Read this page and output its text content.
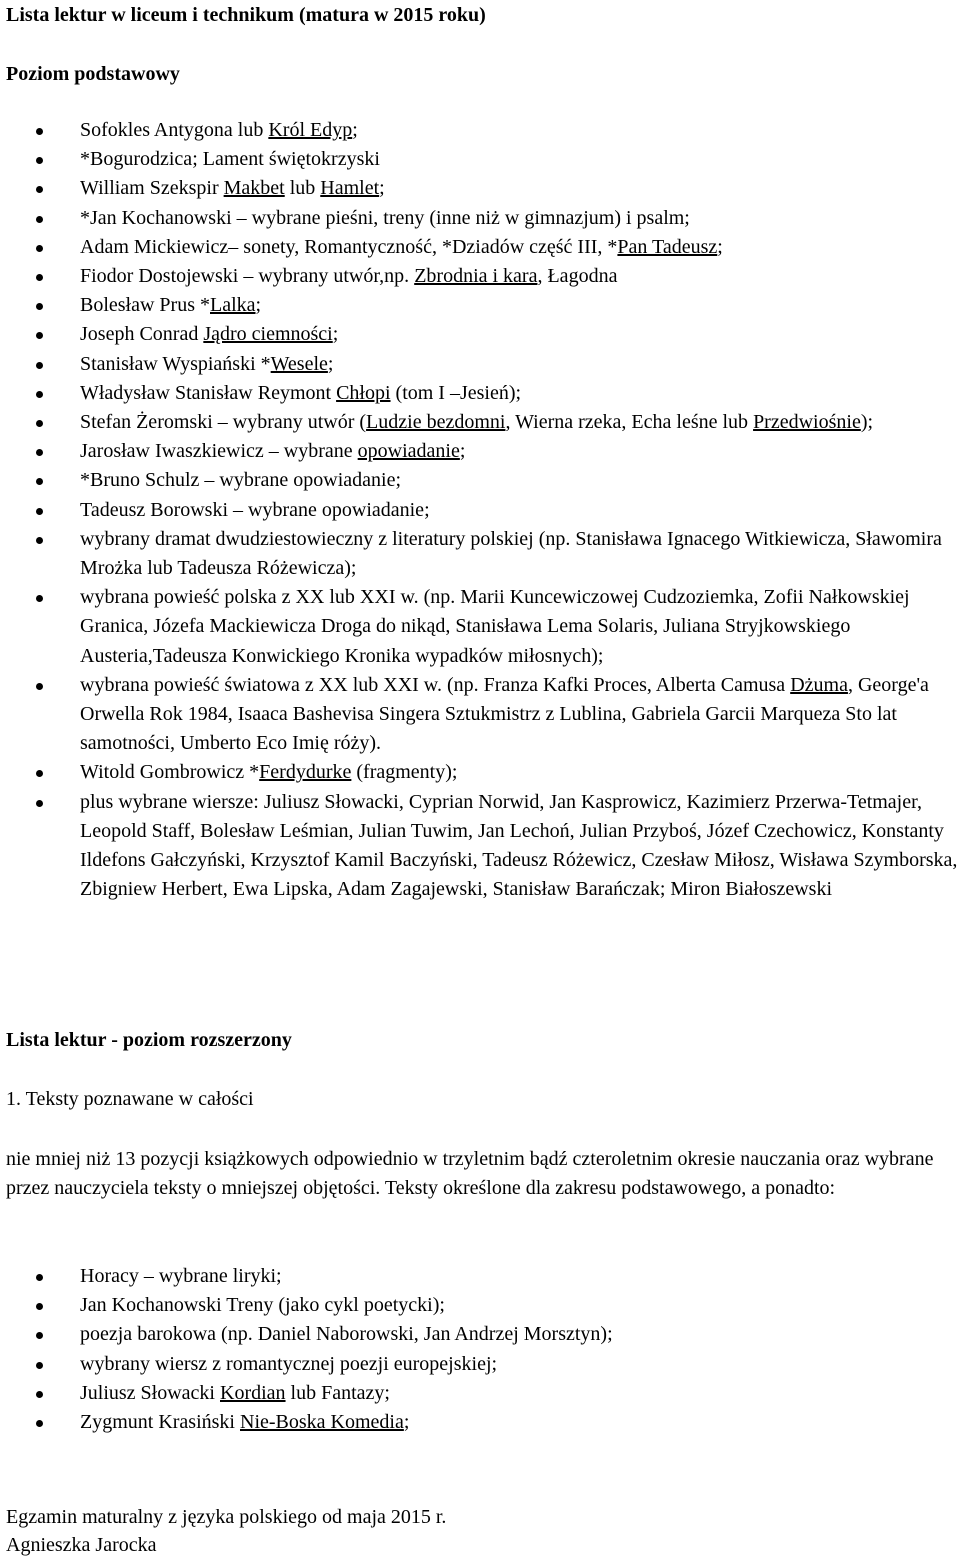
Lista lektur w liceum i technikum (matura w 2015 roku)
Poziom podstawowy
Sofokles Antygona lub Król Edyp;
*Bogurodzica; Lament świętokrzyski
William Szekspir Makbet lub Hamlet;
*Jan Kochanowski – wybrane pieśni, treny (inne niż w gimnazjum) i psalm;
Adam Mickiewicz– sonety, Romantyczność, *Dziadów część III, *Pan Tadeusz;
Fiodor Dostojewski – wybrany utwór,np. Zbrodnia i kara, Łagodna
Bolesław Prus *Lalka;
Joseph Conrad Jądro ciemności;
Stanisław Wyspiański *Wesele;
Władysław Stanisław Reymont Chłopi (tom I –Jesień);
Stefan Żeromski – wybrany utwór (Ludzie bezdomni, Wierna rzeka, Echa leśne lub Przedwiośnie);
Jarosław Iwaszkiewicz – wybrane opowiadanie;
*Bruno Schulz – wybrane opowiadanie;
Tadeusz Borowski – wybrane opowiadanie;
wybrany dramat dwudziestowieczny z literatury polskiej (np. Stanisława Ignacego Witkiewicza, Sławomira Mrożka lub Tadeusza Różewicza);
wybrana powieść polska z XX lub XXI w. (np. Marii Kuncewiczowej Cudzoziemka, Zofii Nałkowskiej Granica, Józefa Mackiewicza Droga do nikąd, Stanisława Lema Solaris, Juliana Stryjkowskiego Austeria,Tadeusza Konwickiego Kronika wypadków miłosnych);
wybrana powieść światowa z XX lub XXI w. (np. Franza Kafki Proces, Alberta Camusa Dżuma, George'a Orwella Rok 1984, Isaaca Bashevisa Singera Sztukmistrz z Lublina, Gabriela Garcii Marqueza Sto lat samotności, Umberto Eco Imię róży).
Witold Gombrowicz *Ferdydurke (fragmenty);
plus wybrane wiersze: Juliusz Słowacki, Cyprian Norwid, Jan Kasprowicz, Kazimierz Przerwa-Tetmajer, Leopold Staff, Bolesław Leśmian, Julian Tuwim, Jan Lechoń, Julian Przyboś, Józef Czechowicz, Konstanty Ildefons Gałczyński, Krzysztof Kamil Baczyński, Tadeusz Różewicz, Czesław Miłosz, Wisława Szymborska, Zbigniew Herbert, Ewa Lipska, Adam Zagajewski, Stanisław Barańczak; Miron Białoszewski
Lista lektur - poziom rozszerzony
1. Teksty poznawane w całości
nie mniej niż 13 pozycji książkowych odpowiednio w trzyletnim bądź czteroletnim okresie nauczania oraz wybrane przez nauczyciela teksty o mniejszej objętości. Teksty określone dla zakresu podstawowego, a ponadto:
Horacy – wybrane liryki;
Jan Kochanowski Treny (jako cykl poetycki);
poezja barokowa (np. Daniel Naborowski, Jan Andrzej Morsztyn);
wybrany wiersz z romantycznej poezji europejskiej;
Juliusz Słowacki Kordian lub Fantazy;
Zygmunt Krasiński Nie-Boska Komedia;
Egzamin maturalny z języka polskiego od maja 2015 r.
Agnieszka Jarocka
